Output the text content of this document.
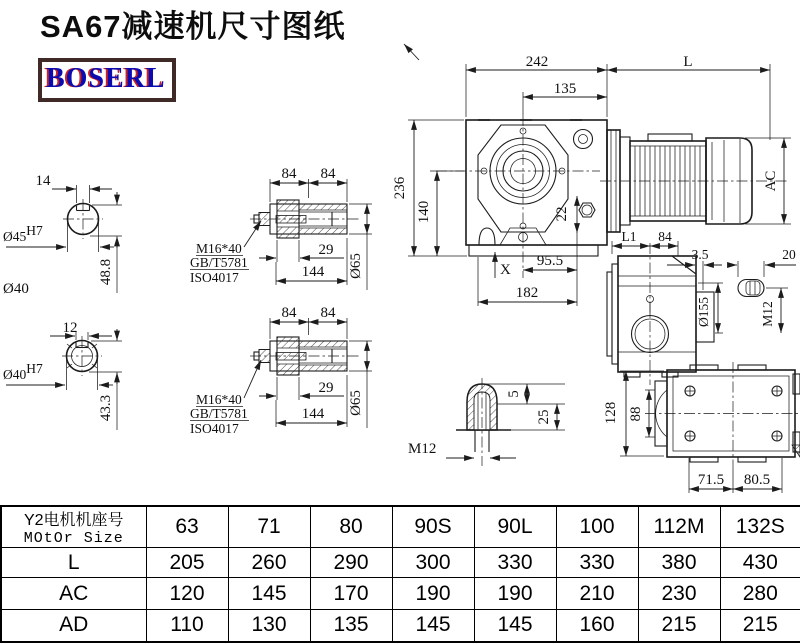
SA67减速机尺寸图纸
BOSERL
242	L
135
236
140
AC
22
95.5
182
X
14
Ø45H7
48.8
Ø40
12
Ø40H7
43.3
84 84
29
144 Ø65
M16*40
GB/T5781
ISO4017
84 84
29
144 Ø65
M16*40
GB/T5781
ISO4017
5
25
M12
L1 84
Ø155
3.5	20
M12
128 88
71.5 80.5
Y2电机机座号
MOtOr Size	63	71	80	90S	90L	100	112M	132S
L	205	260	290	300	330	330	380	430
AC	120	145	170	190	190	210	230	280
AD	110	130	135	145	145	160	215	215
